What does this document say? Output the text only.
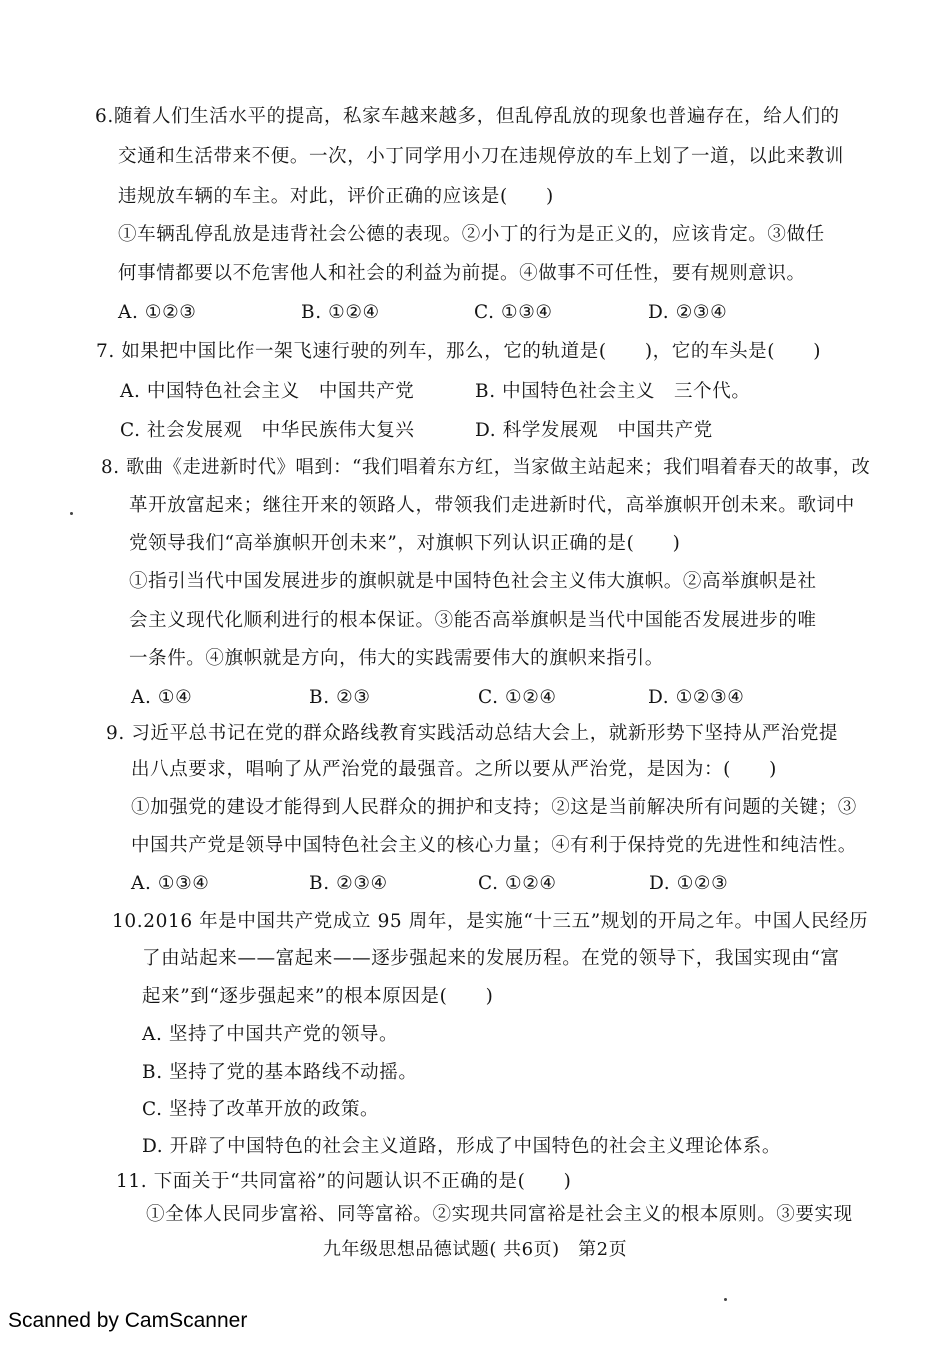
6.随着人们生活水平的提高，私家车越来越多，但乱停乱放的现象也普遍存在，给人们的
交通和生活带来不便。一次，小丁同学用小刀在违规停放的车上划了一道，以此来教训
违规放车辆的车主。对此，评价正确的应该是(　　)
①车辆乱停乱放是违背社会公德的表现。②小丁的行为是正义的，应该肯定。③做任
何事情都要以不危害他人和社会的利益为前提。④做事不可任性，要有规则意识。
A. ①②③	B. ①②④	C. ①③④	D. ②③④
7. 如果把中国比作一架飞速行驶的列车，那么，它的轨道是(　　)，它的车头是(　　)
A. 中国特色社会主义　中国共产党	B. 中国特色社会主义　三个代。
C. 社会发展观　中华民族伟大复兴	D. 科学发展观　中国共产党
8. 歌曲《走进新时代》唱到：“我们唱着东方红，当家做主站起来；我们唱着春天的故事，改
革开放富起来；继往开来的领路人，带领我们走进新时代，高举旗帜开创未来。歌词中
党领导我们“高举旗帜开创未来”，对旗帜下列认识正确的是(　　)
①指引当代中国发展进步的旗帜就是中国特色社会主义伟大旗帜。②高举旗帜是社
会主义现代化顺利进行的根本保证。③能否高举旗帜是当代中国能否发展进步的唯
一条件。④旗帜就是方向，伟大的实践需要伟大的旗帜来指引。
A. ①④	B. ②③	C. ①②④	D. ①②③④
9. 习近平总书记在党的群众路线教育实践活动总结大会上，就新形势下坚持从严治党提
出八点要求，唱响了从严治党的最强音。之所以要从严治党，是因为：(　　)
①加强党的建设才能得到人民群众的拥护和支持；②这是当前解决所有问题的关键；③
中国共产党是领导中国特色社会主义的核心力量；④有利于保持党的先进性和纯洁性。
A. ①③④	B. ②③④	C. ①②④	D. ①②③
10.2016 年是中国共产党成立 95 周年，是实施“十三五”规划的开局之年。中国人民经历
了由站起来——富起来——逐步强起来的发展历程。在党的领导下，我国实现由“富
起来”到“逐步强起来”的根本原因是(　　)
A. 坚持了中国共产党的领导。
B. 坚持了党的基本路线不动摇。
C. 坚持了改革开放的政策。
D. 开辟了中国特色的社会主义道路，形成了中国特色的社会主义理论体系。
11. 下面关于“共同富裕”的问题认识不正确的是(　　)
①全体人民同步富裕、同等富裕。②实现共同富裕是社会主义的根本原则。③要实现
九年级思想品德试题( 共6页)　第2页
Scanned by CamScanner
